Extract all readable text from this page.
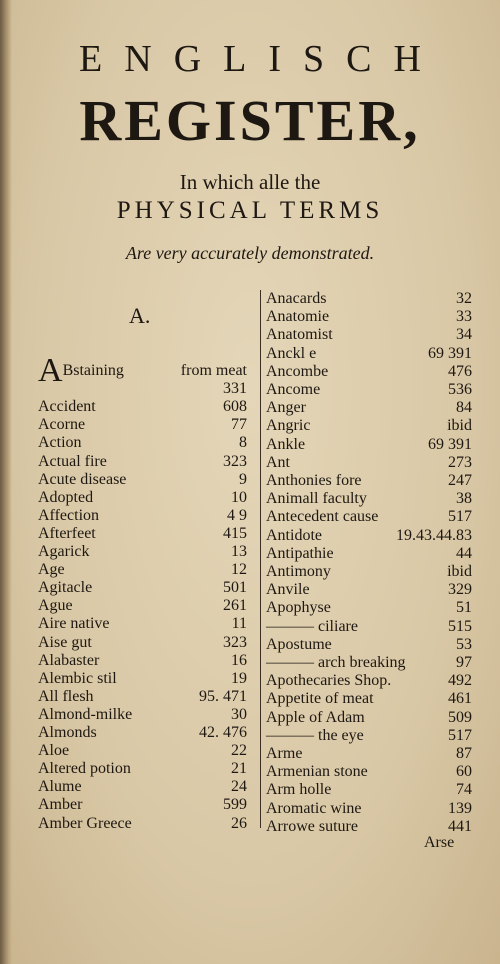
ENGLISCH
REGISTER,
In which alle the
PHYSICAL TERMS
Are very accurately demonstrated.
A.
ABstaining	from meat
331
Accident	608
Acorne	77
Action	8
Actual fire	323
Acute disease	9
Adopted	10
Affection	4 9
Afterfeet	415
Agarick	13
Age	12
Agitacle	501
Ague	261
Aire native	11
Aise gut	323
Alabaster	16
Alembic stil	19
All flesh	95. 471
Almond-milke	30
Almonds	42. 476
Aloe	22
Altered potion	21
Alume	24
Amber	599
Amber Greece	26
Anacards	32
Anatomie	33
Anatomist	34
Anckl e	69 391
Ancombe	476
Ancome	536
Anger	84
Angric	ibid
Ankle	69 391
Ant	273
Anthonies fore	247
Animall faculty	38
Antecedent cause	517
Antidote	19.43.44.83
Antipathie	44
Antimony	ibid
Anvile	329
Apophyse	51
——— ciliare	515
Apostume	53
——— arch breaking	97
Apothecaries Shop.	492
Appetite of meat	461
Apple of Adam	509
——— the eye	517
Arme	87
Armenian stone	60
Arm holle	74
Aromatic wine	139
Arrowe suture	441
Arse
